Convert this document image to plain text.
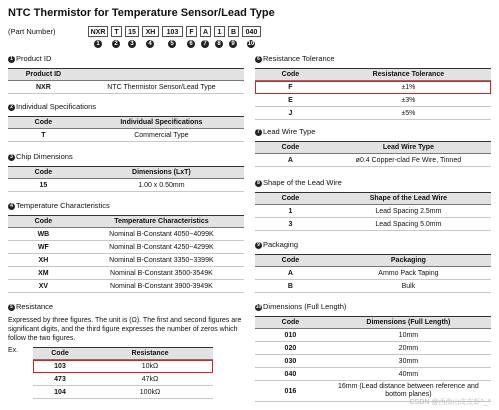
NTC Thermistor for Temperature Sensor/Lead Type
(Part Number)	NXR	T	15	XH	103	F	A	1	B	040
1	2	3	4	5	6	7	8	9	10
1 Product ID
Product ID	
NXR	NTC Thermistor Sensor/Lead Type
2 Individual Specifications
Code	Individual Specifications
T	Commercial Type
3 Chip Dimensions
Code	Dimensions (LxT)
15	1.00 x 0.50mm
4 Temperature Characteristics
Code	Temperature Characteristics
WB	Nominal B-Constant 4050~4099K
WF	Nominal B-Constant 4250~4299K
XH	Nominal B-Constant 3350~3399K
XM	Nominal B-Constant 3500-3549K
XV	Nominal B-Constant 3900-3949K
5 Resistance
Expressed by three figures. The unit is (Ω). The first and second figures are significant digits, and the third figure expresses the number of zeros which follow the two figures.
Ex.	Code	Resistance
103	10kΩ
473	47kΩ
104	100kΩ
6 Resistance Tolerance
Code	Resistance Tolerance
F	±1%
E	±3%
J	±5%
7 Lead Wire Type
Code	Lead Wire Type
A	ø0.4 Copper-clad Fe Wire, Tinned
8 Shape of the Lead Wire
Code	Shape of the Lead Wire
1	Lead Spacing 2.5mm
3	Lead Spacing 5.0mm
9 Packaging
Code	Packaging
A	Ammo Pack Taping
B	Bulk
10 Dimensions (Full Length)
Code	Dimensions (Full Length)
010	10mm
020	20mm
030	30mm
040	40mm
016	16mm (Lead distance between reference and bottom planes)
CSDN @西南山皮皮虾^_^
